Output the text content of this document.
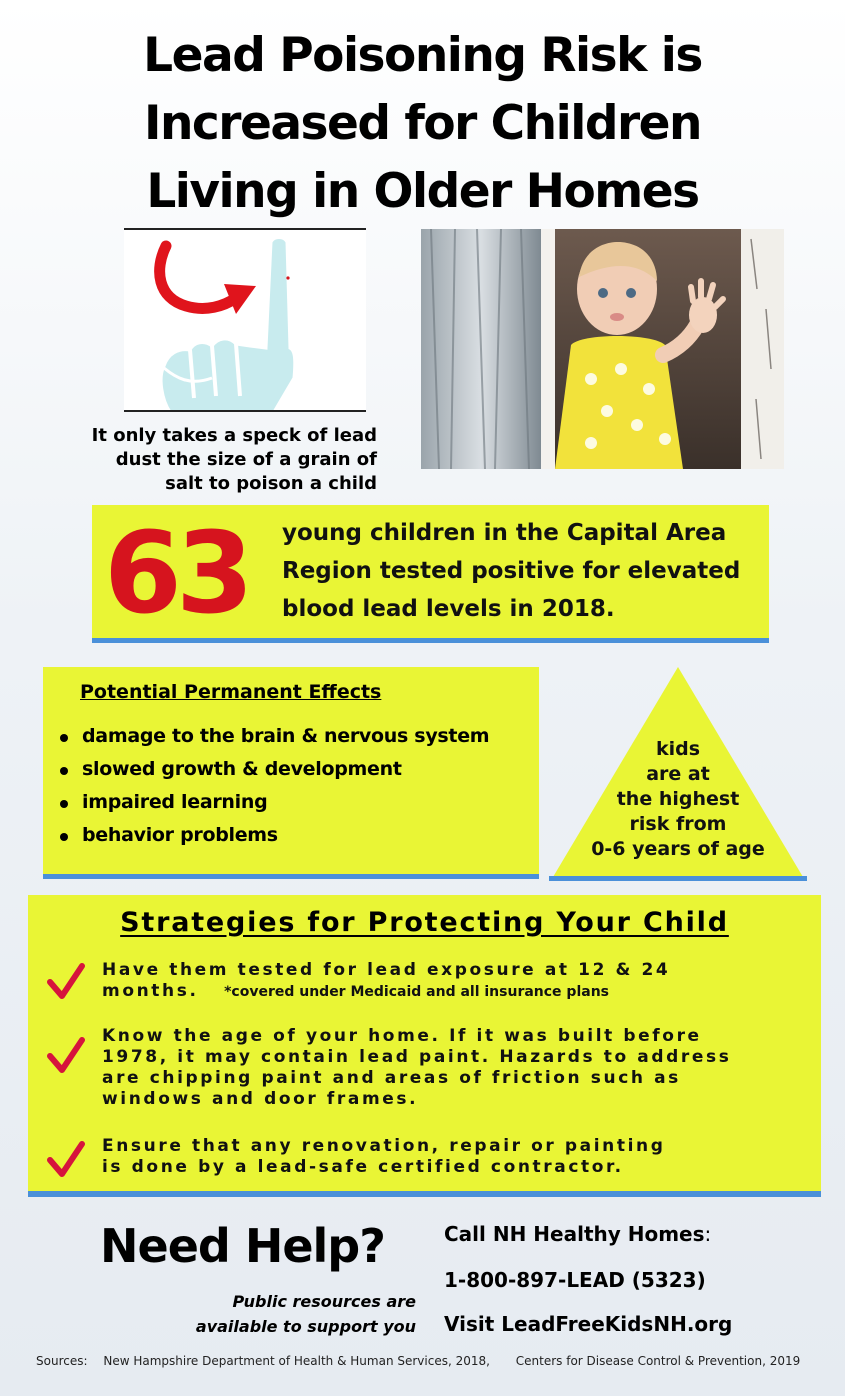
Lead Poisoning Risk is
Increased for Children
Living in Older Homes
It only takes a speck of lead
dust the size of a grain of
salt to poison a child
63	young children in the Capital Area
Region tested positive for elevated
blood lead levels in 2018.
Potential Permanent Effects
damage to the brain & nervous system
slowed growth & development
impaired learning
behavior problems
kids
are at
the highest
risk from
0-6 years of age
Strategies for Protecting Your Child
Have them tested for lead exposure at 12 & 24
months. *covered under Medicaid and all insurance plans
Know the age of your home. If it was built before
1978, it may contain lead paint. Hazards to address
are chipping paint and areas of friction such as
windows and door frames.
Ensure that any renovation, repair or painting
is done by a lead-safe certified contractor.
Need Help?
Public resources are
available to support you
Call NH Healthy Homes:
1-800-897-LEAD (5323)
Visit LeadFreeKidsNH.org
Sources: New Hampshire Department of Health & Human Services, 2018, Centers for Disease Control & Prevention, 2019
